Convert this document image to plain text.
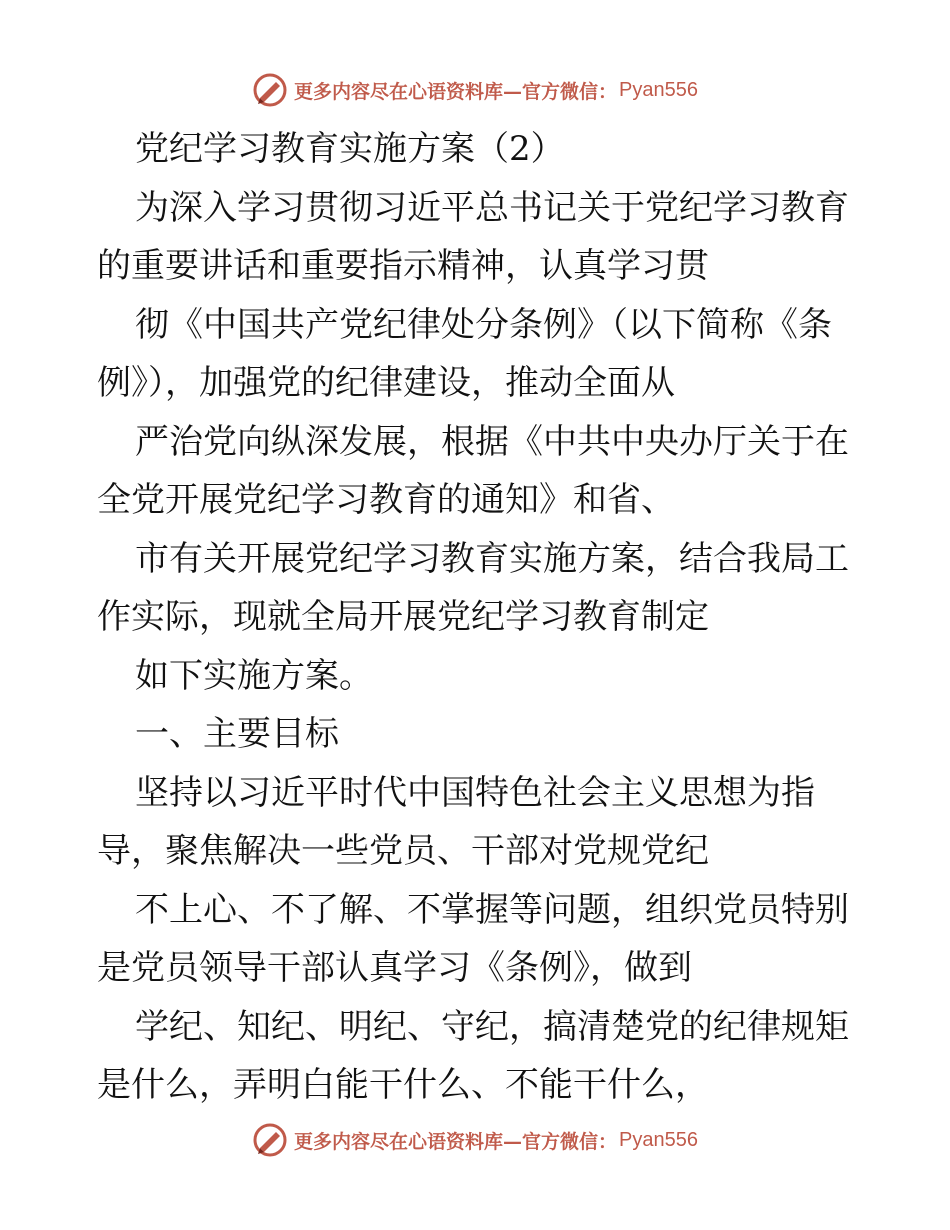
更多内容尽在心语资料库—官方微信： Pyan556
党纪学习教育实施方案（2）
为深入学习贯彻习近平总书记关于党纪学习教育
的重要讲话和重要指示精神，认真学习贯
彻《中国共产党纪律处分条例》（以下简称《条
例》），加强党的纪律建设，推动全面从
严治党向纵深发展，根据《中共中央办厅关于在
全党开展党纪学习教育的通知》和省、
市有关开展党纪学习教育实施方案，结合我局工
作实际，现就全局开展党纪学习教育制定
如下实施方案。
一、主要目标
坚持以习近平时代中国特色社会主义思想为指
导，聚焦解决一些党员、干部对党规党纪
不上心、不了解、不掌握等问题，组织党员特别
是党员领导干部认真学习《条例》，做到
学纪、知纪、明纪、守纪，搞清楚党的纪律规矩
是什么，弄明白能干什么、不能干什么，
更多内容尽在心语资料库—官方微信： Pyan556
